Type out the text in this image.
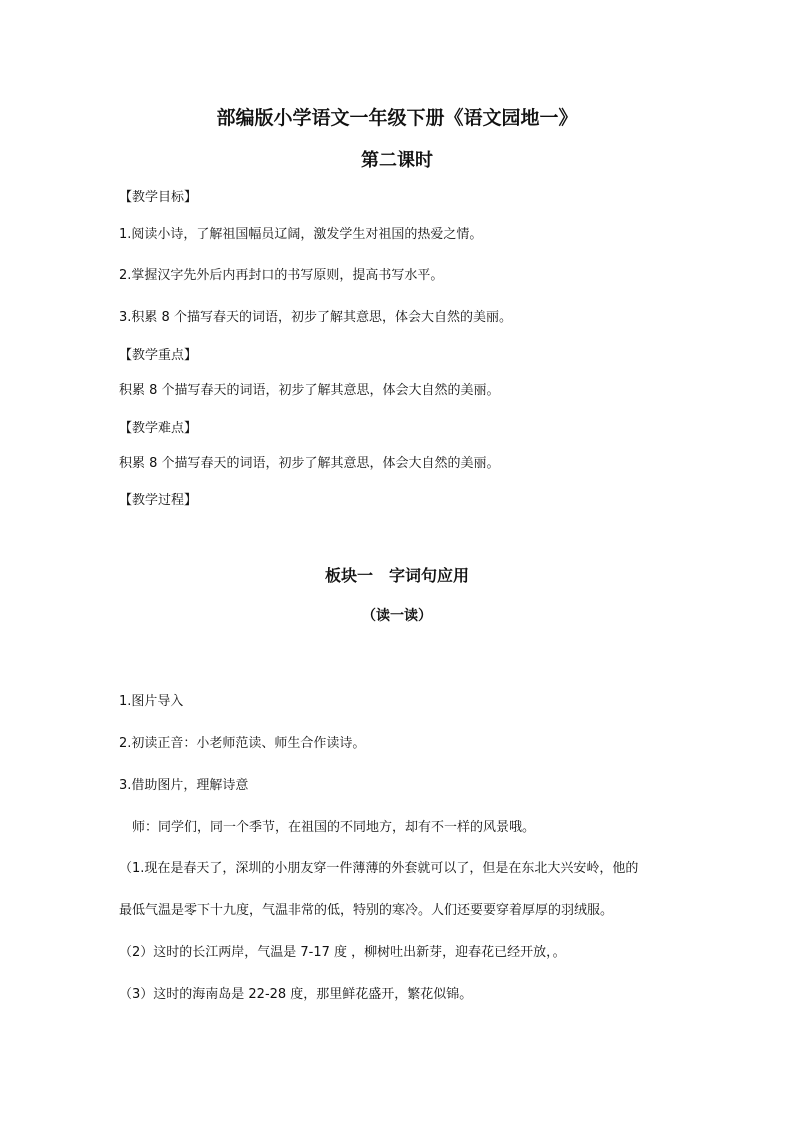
部编版小学语文一年级下册《语文园地一》
第二课时
【教学目标】
1.阅读小诗，了解祖国幅员辽阔，激发学生对祖国的热爱之情。
2.掌握汉字先外后内再封口的书写原则，提高书写水平。
3.积累 8 个描写春天的词语，初步了解其意思，体会大自然的美丽。
【教学重点】
积累 8 个描写春天的词语，初步了解其意思，体会大自然的美丽。
【教学难点】
积累 8 个描写春天的词语，初步了解其意思，体会大自然的美丽。
【教学过程】
板块一　字词句应用
（读一读）
1.图片导入
2.初读正音：小老师范读、师生合作读诗。
3.借助图片，理解诗意
　师：同学们，同一个季节，在祖国的不同地方，却有不一样的风景哦。
（1.现在是春天了，深圳的小朋友穿一件薄薄的外套就可以了，但是在东北大兴安岭，他的
最低气温是零下十九度，气温非常的低，特别的寒冷。人们还要要穿着厚厚的羽绒服。
（2）这时的长江两岸，气温是 7-17 度 ，柳树吐出新芽，迎春花已经开放，。
（3）这时的海南岛是 22-28 度，那里鲜花盛开，繁花似锦。
